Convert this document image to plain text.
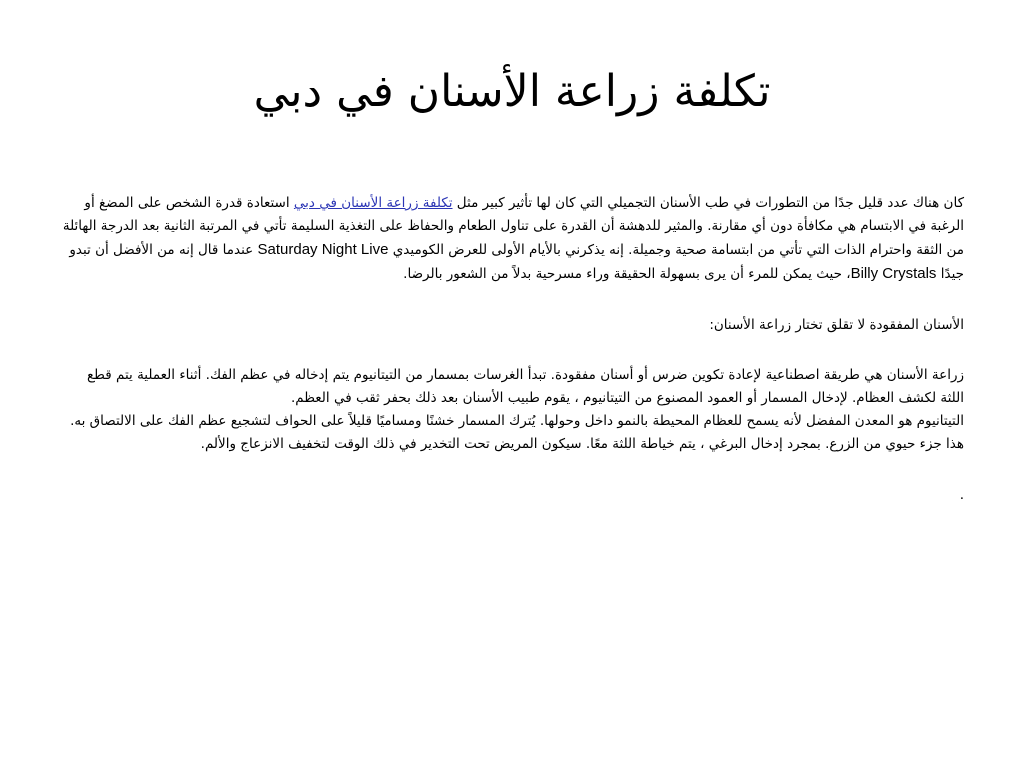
تكلفة زراعة الأسنان في دبي

كان هناك عدد قليل جدًا من التطورات في طب الأسنان التجميلي التي كان لها تأثير كبير مثل تكلفة زراعة الأسنان في دبي استعادة قدرة الشخص على المضغ أو الرغبة في الابتسام هي مكافأة دون أي مقارنة. والمثير للدهشة أن القدرة على تناول الطعام والحفاظ على التغذية السليمة تأتي في المرتبة الثانية بعد الدرجة الهائلة من الثقة واحترام الذات التي تأتي من ابتسامة صحية وجميلة. إنه يذكرني بالأيام الأولى للعرض الكوميدي Saturday Night Live عندما قال إنه من الأفضل أن تبدو جيدًا Billy Crystals، حيث يمكن للمرء أن يرى بسهولة الحقيقة وراء مسرحية بدلاً من الشعور بالرضا.

الأسنان المفقودة لا تقلق تختار زراعة الأسنان:

زراعة الأسنان هي طريقة اصطناعية لإعادة تكوين ضرس أو أسنان مفقودة. تبدأ الغرسات بمسمار من التيتانيوم يتم إدخاله في عظم الفك. أثناء العملية يتم قطع اللثة لكشف العظام. لإدخال المسمار أو العمود المصنوع من التيتانيوم ، يقوم طبيب الأسنان بعد ذلك بحفر ثقب في العظم.

التيتانيوم هو المعدن المفضل لأنه يسمح للعظام المحيطة بالنمو داخل وحولها. يُترك المسمار خشنًا ومساميًا قليلاً على الحواف لتشجيع عظم الفك على الالتصاق به. هذا جزء حيوي من الزرع. بمجرد إدخال البرغي ، يتم خياطة اللثة معًا. سيكون المريض تحت التخدير في ذلك الوقت لتخفيف الانزعاج والألم.

.
